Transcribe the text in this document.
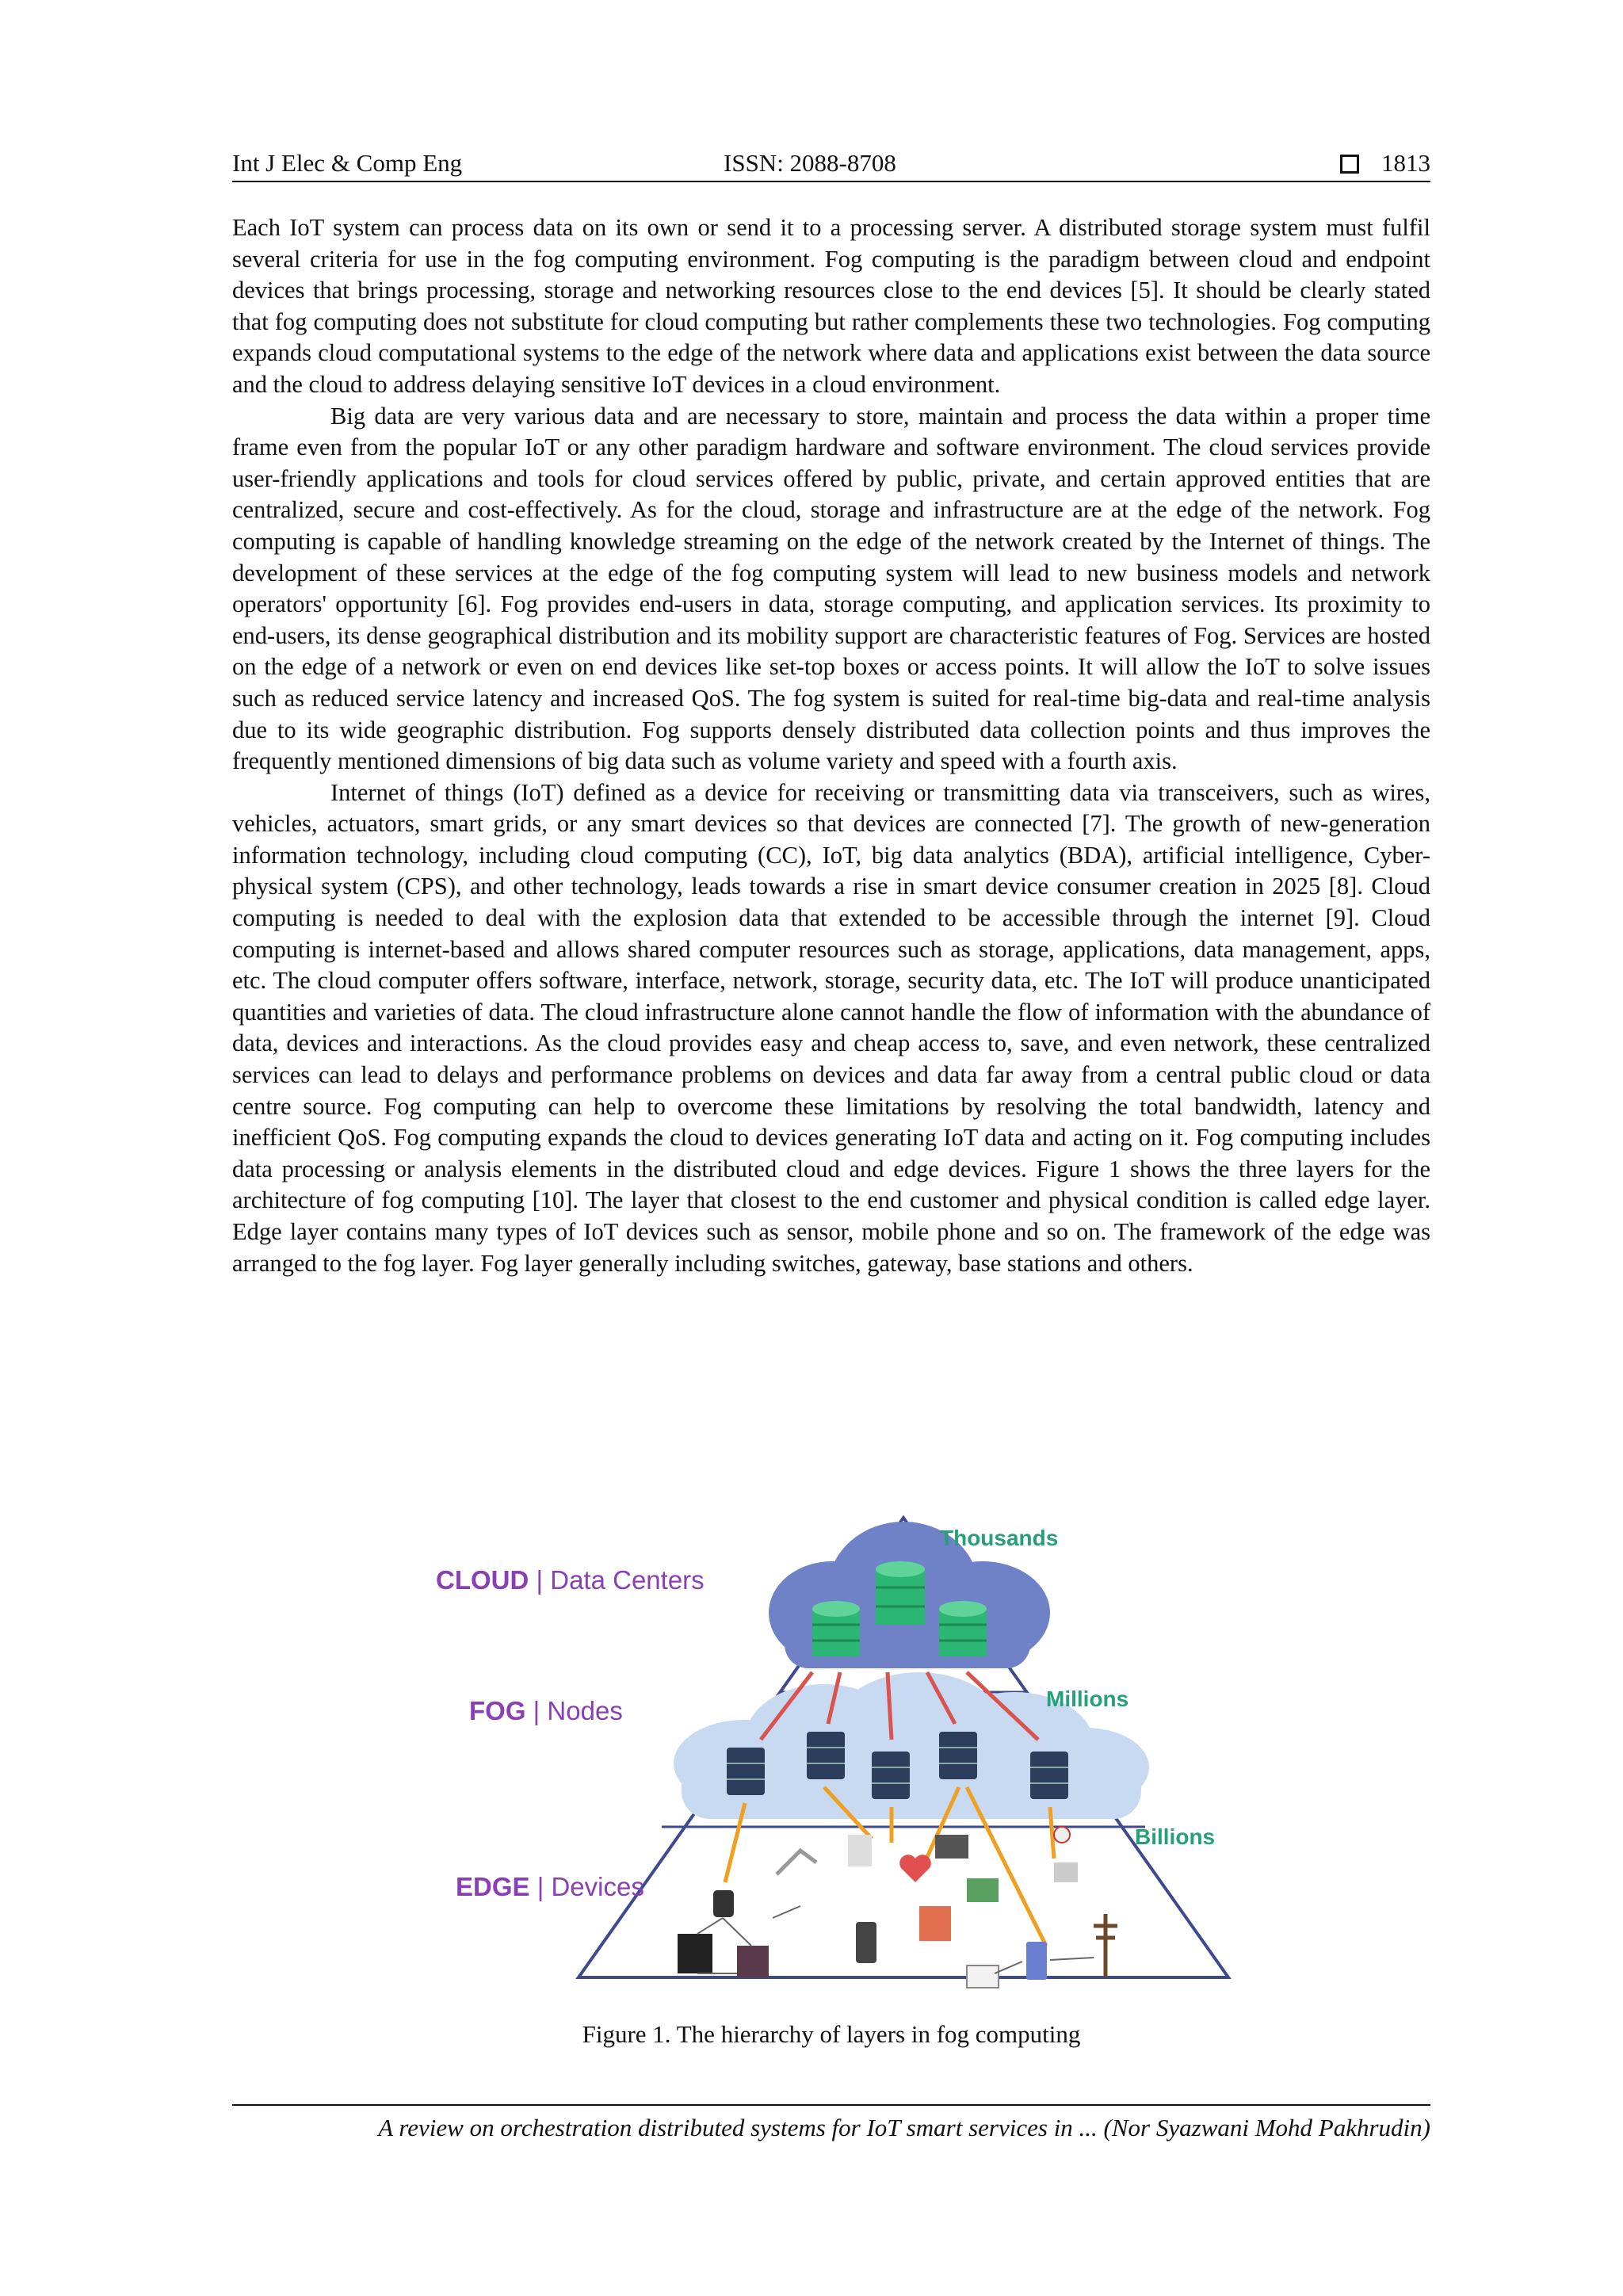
Int J Elec & Comp Eng	ISSN: 2088-8708	1813

Each IoT system can process data on its own or send it to a processing server. A distributed storage system must fulfil several criteria for use in the fog computing environment. Fog computing is the paradigm between cloud and endpoint devices that brings processing, storage and networking resources close to the end devices [5]. It should be clearly stated that fog computing does not substitute for cloud computing but rather complements these two technologies. Fog computing expands cloud computational systems to the edge of the network where data and applications exist between the data source and the cloud to address delaying sensitive IoT devices in a cloud environment.

Big data are very various data and are necessary to store, maintain and process the data within a proper time frame even from the popular IoT or any other paradigm hardware and software environment. The cloud services provide user-friendly applications and tools for cloud services offered by public, private, and certain approved entities that are centralized, secure and cost-effectively. As for the cloud, storage and infrastructure are at the edge of the network. Fog computing is capable of handling knowledge streaming on the edge of the network created by the Internet of things. The development of these services at the edge of the fog computing system will lead to new business models and network operators' opportunity [6]. Fog provides end-users in data, storage computing, and application services. Its proximity to end-users, its dense geographical distribution and its mobility support are characteristic features of Fog. Services are hosted on the edge of a network or even on end devices like set-top boxes or access points. It will allow the IoT to solve issues such as reduced service latency and increased QoS. The fog system is suited for real-time big-data and real-time analysis due to its wide geographic distribution. Fog supports densely distributed data collection points and thus improves the frequently mentioned dimensions of big data such as volume variety and speed with a fourth axis.

Internet of things (IoT) defined as a device for receiving or transmitting data via transceivers, such as wires, vehicles, actuators, smart grids, or any smart devices so that devices are connected [7]. The growth of new-generation information technology, including cloud computing (CC), IoT, big data analytics (BDA), artificial intelligence, Cyber-physical system (CPS), and other technology, leads towards a rise in smart device consumer creation in 2025 [8]. Cloud computing is needed to deal with the explosion data that extended to be accessible through the internet [9]. Cloud computing is internet-based and allows shared computer resources such as storage, applications, data management, apps, etc. The cloud computer offers software, interface, network, storage, security data, etc. The IoT will produce unanticipated quantities and varieties of data. The cloud infrastructure alone cannot handle the flow of information with the abundance of data, devices and interactions. As the cloud provides easy and cheap access to, save, and even network, these centralized services can lead to delays and performance problems on devices and data far away from a central public cloud or data centre source. Fog computing can help to overcome these limitations by resolving the total bandwidth, latency and inefficient QoS. Fog computing expands the cloud to devices generating IoT data and acting on it. Fog computing includes data processing or analysis elements in the distributed cloud and edge devices. Figure 1 shows the three layers for the architecture of fog computing [10]. The layer that closest to the end customer and physical condition is called edge layer. Edge layer contains many types of IoT devices such as sensor, mobile phone and so on. The framework of the edge was arranged to the fog layer. Fog layer generally including switches, gateway, base stations and others.

CLOUD | Data Centers
FOG | Nodes
EDGE | Devices
Thousands
Millions
Billions
Figure 1. The hierarchy of layers in fog computing
A review on orchestration distributed systems for IoT smart services in ... (Nor Syazwani Mohd Pakhrudin)
